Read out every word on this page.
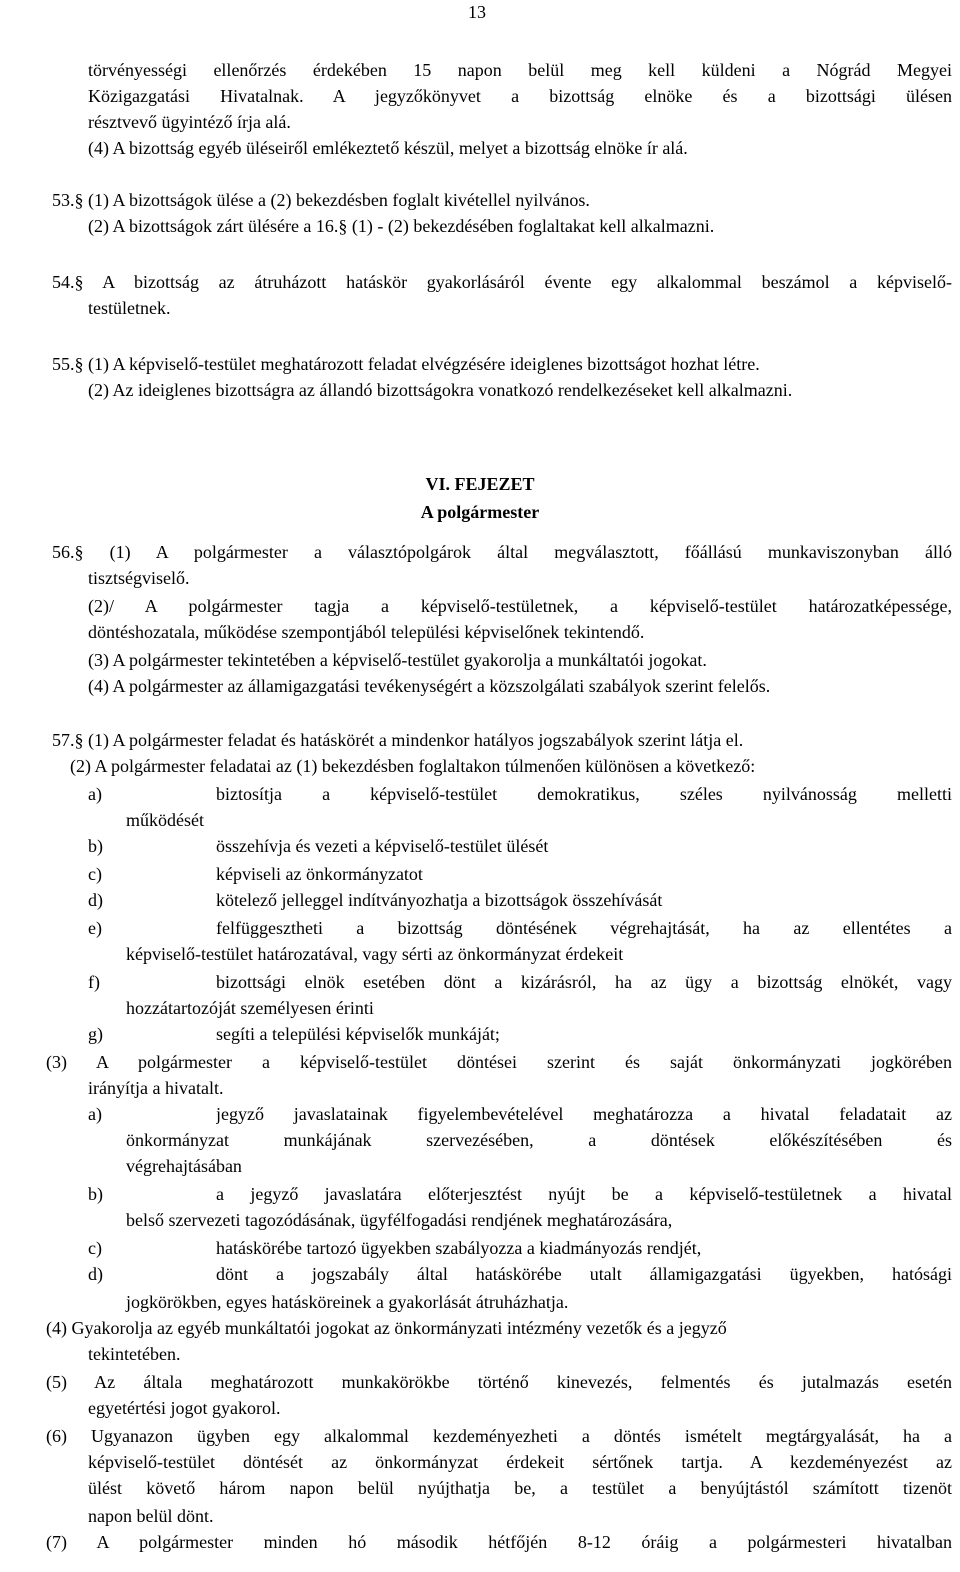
13
törvényességi ellenőrzés érdekében 15 napon belül meg kell küldeni a Nógrád Megyei
Közigazgatási Hivatalnak. A jegyzőkönyvet a bizottság elnöke és a bizottsági ülésen
résztvevő ügyintéző írja alá.
(4) A bizottság egyéb üléseiről emlékeztető készül, melyet a bizottság elnöke ír alá.
53.§ (1) A bizottságok ülése a (2) bekezdésben foglalt kivétellel nyilvános.
(2) A bizottságok zárt ülésére a 16.§ (1) - (2) bekezdésében foglaltakat kell alkalmazni.
54.§ A bizottság az átruházott hatáskör gyakorlásáról évente egy alkalommal beszámol a képviselő-
testületnek.
55.§ (1) A képviselő-testület meghatározott feladat elvégzésére ideiglenes bizottságot hozhat létre.
(2) Az ideiglenes bizottságra az állandó bizottságokra vonatkozó rendelkezéseket kell alkalmazni.
56.§ (1) A polgármester a választópolgárok által megválasztott, főállású munkaviszonyban álló
tisztségviselő.
(2)/ A polgármester tagja a képviselő-testületnek, a képviselő-testület határozatképessége,
döntéshozatala, működése szempontjából települési képviselőnek tekintendő.
(3) A polgármester tekintetében a képviselő-testület gyakorolja a munkáltatói jogokat.
(4) A polgármester az államigazgatási tevékenységért a közszolgálati szabályok szerint felelős.
57.§ (1) A polgármester feladat és hatáskörét a mindenkor hatályos jogszabályok szerint látja el.
(2) A polgármester feladatai az (1) bekezdésben foglaltakon túlmenően különösen a következő:
a)	biztosítja a képviselő-testület demokratikus, széles nyilvánosság melletti
működését
b)	összehívja és vezeti a képviselő-testület ülését
c)	képviseli az önkormányzatot
d)	kötelező jelleggel indítványozhatja a bizottságok összehívását
e)	felfüggesztheti a bizottság döntésének végrehajtását, ha az ellentétes a
képviselő-testület határozatával, vagy sérti az önkormányzat érdekeit
f)	bizottsági elnök esetében dönt a kizárásról, ha az ügy a bizottság elnökét, vagy
hozzátartozóját személyesen érinti
g)	segíti a települési képviselők munkáját;
(3) A polgármester a képviselő-testület döntései szerint és saját önkormányzati jogkörében
irányítja a hivatalt.
a)	jegyző javaslatainak figyelembevételével meghatározza a hivatal feladatait az
önkormányzat munkájának szervezésében, a döntések előkészítésében és
végrehajtásában
b)	a jegyző javaslatára előterjesztést nyújt be a képviselő-testületnek a hivatal
belső szervezeti tagozódásának, ügyfélfogadási rendjének meghatározására,
c)	hatáskörébe tartozó ügyekben szabályozza a kiadmányozás rendjét,
d)	dönt a jogszabály által hatáskörébe utalt államigazgatási ügyekben, hatósági
jogkörökben, egyes hatásköreinek a gyakorlását átruházhatja.
(4) Gyakorolja az egyéb munkáltatói jogokat az önkormányzati intézmény vezetők és a jegyző
tekintetében.
(5) Az általa meghatározott munkakörökbe történő kinevezés, felmentés és jutalmazás esetén
egyetértési jogot gyakorol.
(6) Ugyanazon ügyben egy alkalommal kezdeményezheti a döntés ismételt megtárgyalását, ha a
képviselő-testület döntését az önkormányzat érdekeit sértőnek tartja. A kezdeményezést az
ülést követő három napon belül nyújthatja be, a testület a benyújtástól számított tizenöt
napon belül dönt.
(7) A polgármester minden hó második hétfőjén 8-12 óráig a polgármesteri hivatalban
VI. FEJEZET
A polgármester
